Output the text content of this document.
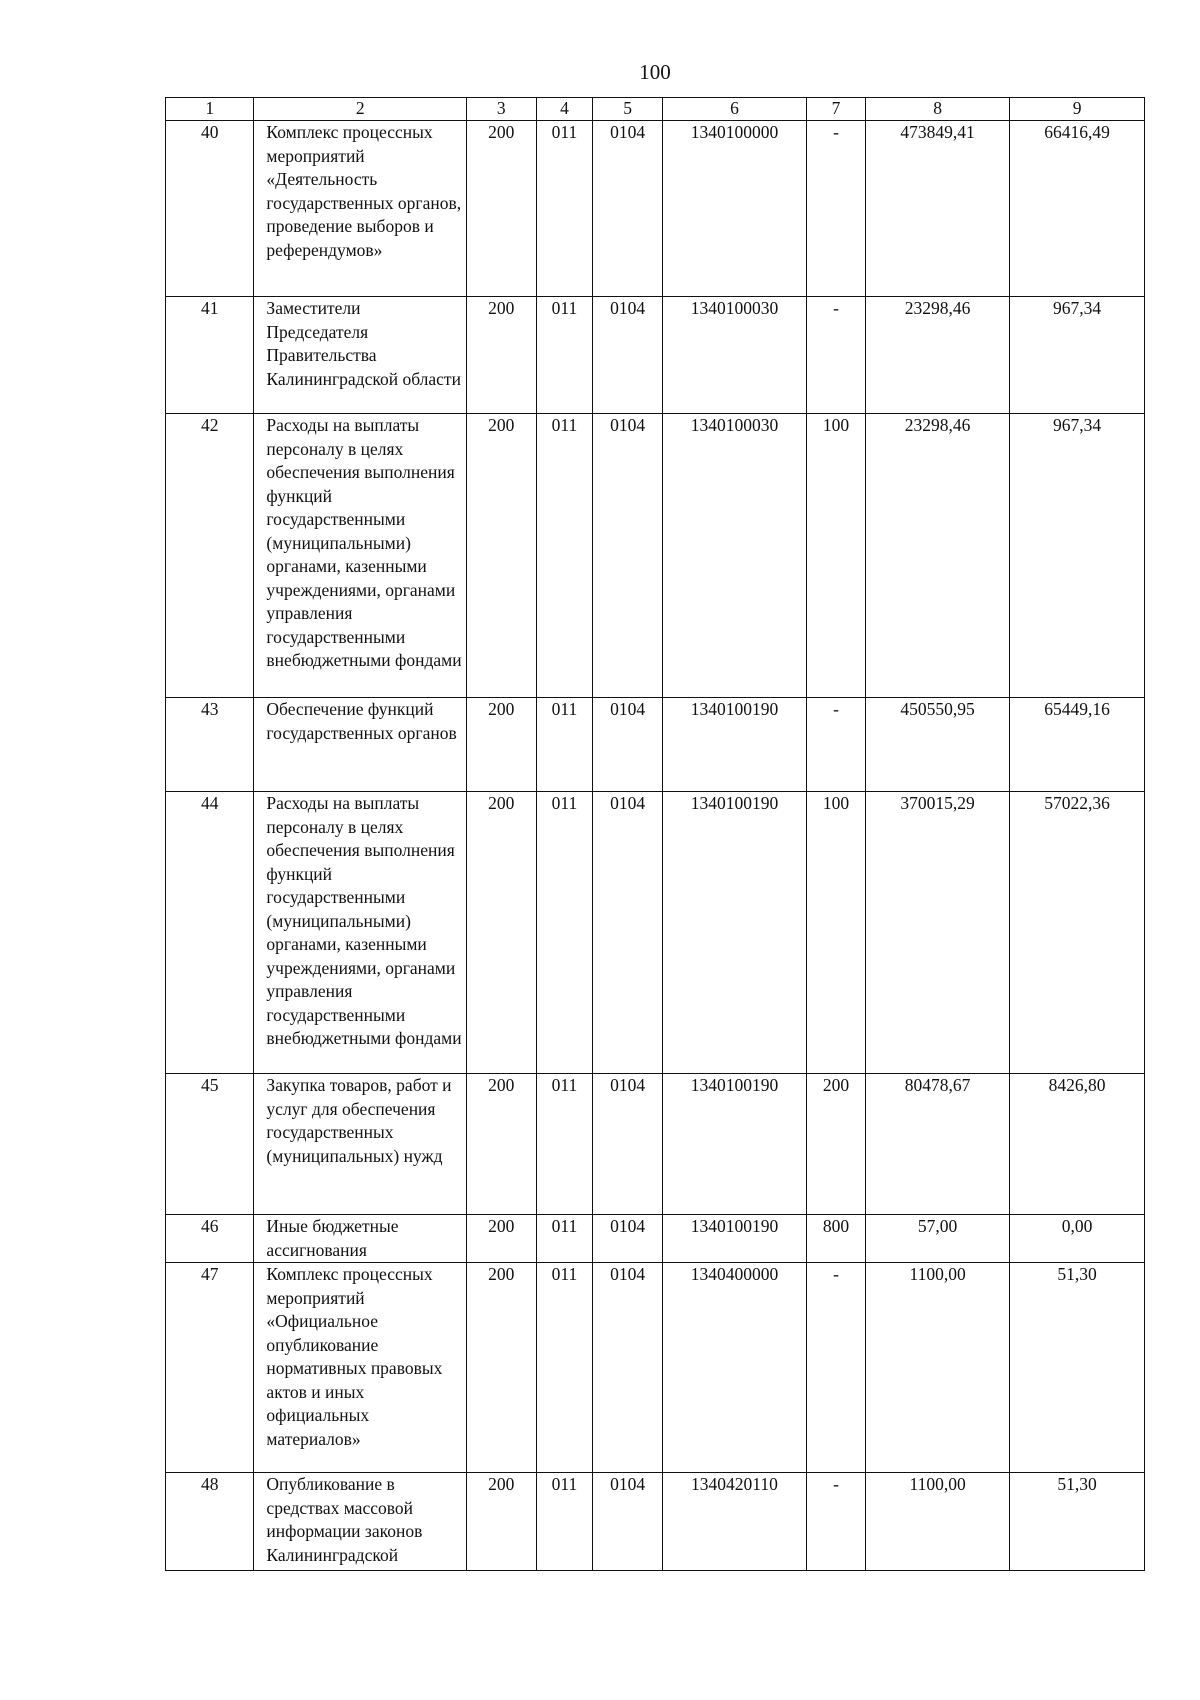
100
1	2	3	4	5	6	7	8	9
40	Комплекс процессных мероприятий «Деятельность государственных органов, проведение выборов и референдумов»	200	011	0104	1340100000	-	473849,41	66416,49
41	Заместители Председателя Правительства Калининградской области	200	011	0104	1340100030	-	23298,46	967,34
42	Расходы на выплаты персоналу в целях обеспечения выполнения функций государственными (муниципальными) органами, казенными учреждениями, органами управления государственными внебюджетными фондами	200	011	0104	1340100030	100	23298,46	967,34
43	Обеспечение функций государственных органов	200	011	0104	1340100190	-	450550,95	65449,16
44	Расходы на выплаты персоналу в целях обеспечения выполнения функций государственными (муниципальными) органами, казенными учреждениями, органами управления государственными внебюджетными фондами	200	011	0104	1340100190	100	370015,29	57022,36
45	Закупка товаров, работ и услуг для обеспечения государственных (муниципальных) нужд	200	011	0104	1340100190	200	80478,67	8426,80
46	Иные бюджетные ассигнования	200	011	0104	1340100190	800	57,00	0,00
47	Комплекс процессных мероприятий «Официальное опубликование нормативных правовых актов и иных официальных материалов»	200	011	0104	1340400000	-	1100,00	51,30
48	Опубликование в средствах массовой информации законов Калининградской	200	011	0104	1340420110	-	1100,00	51,30
